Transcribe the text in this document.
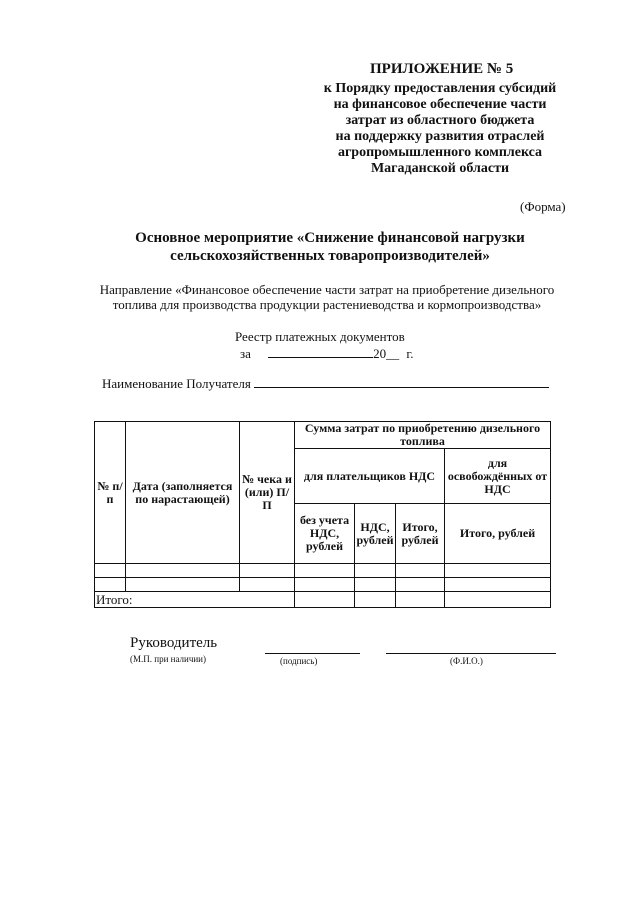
ПРИЛОЖЕНИЕ № 5
к Порядку предоставления субсидий
на финансовое обеспечение части
затрат из областного бюджета
на поддержку развития отраслей
агропромышленного комплекса
Магаданской области
(Форма)
Основное мероприятие «Снижение финансовой нагрузки
сельскохозяйственных товаропроизводителей»
Направление «Финансовое обеспечение части затрат на приобретение дизельного
топлива для производства продукции растениеводства и кормопроизводства»
Реестр платежных документов
за	20__ г.
Наименование Получателя
№ п/п	Дата (заполняется по нарастающей)	№ чека и (или) П/П	Сумма затрат по приобретению дизельного топлива			
			для плательщиков НДС			для освобождённых от НДС
			без учета НДС, рублей	НДС, рублей	Итого, рублей	Итого, рублей

Итого:						
Руководитель
(М.П. при наличии)	(подпись)	(Ф.И.О.)
